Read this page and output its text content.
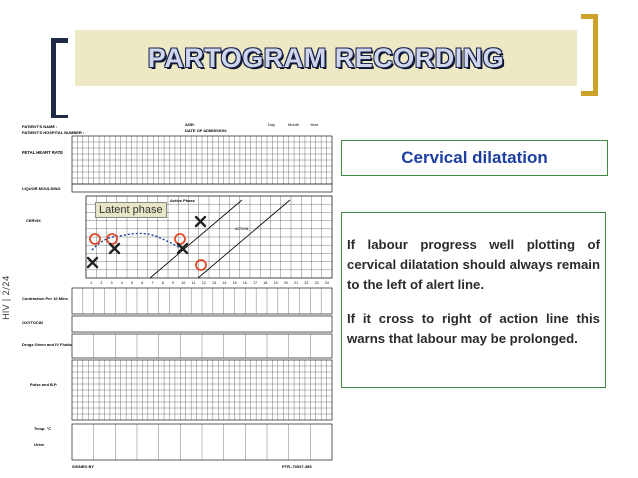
PARTOGRAM RECORDING
PATIENT'S NAME :
PATIENT'S HOSPITAL NUMBER :
AGE:
DATE OF ADMISSION:
Day	Month	Year
FETAL HEART RATE
LIQUOR MOULDING
CERVIX
Active Phase
ACTION
1 2 3 4 5 6 7 8 9 10 11 12 13 14 15 16 17 18 19 20 21 22 23 24
Contraction Per 10 Mins
OXYTOCIN
Drugs Given and IV Fluids
Pulse and B.P.
Temp. °C
Urine
SIGNED BY	PTR.-70537-385
Latent phase
HIV | 2/24
Cervical dilatation

If labour progress well plotting of cervical dilatation should always remain to the left of alert line.

If it cross to right of action line this warns that labour may be prolonged.
